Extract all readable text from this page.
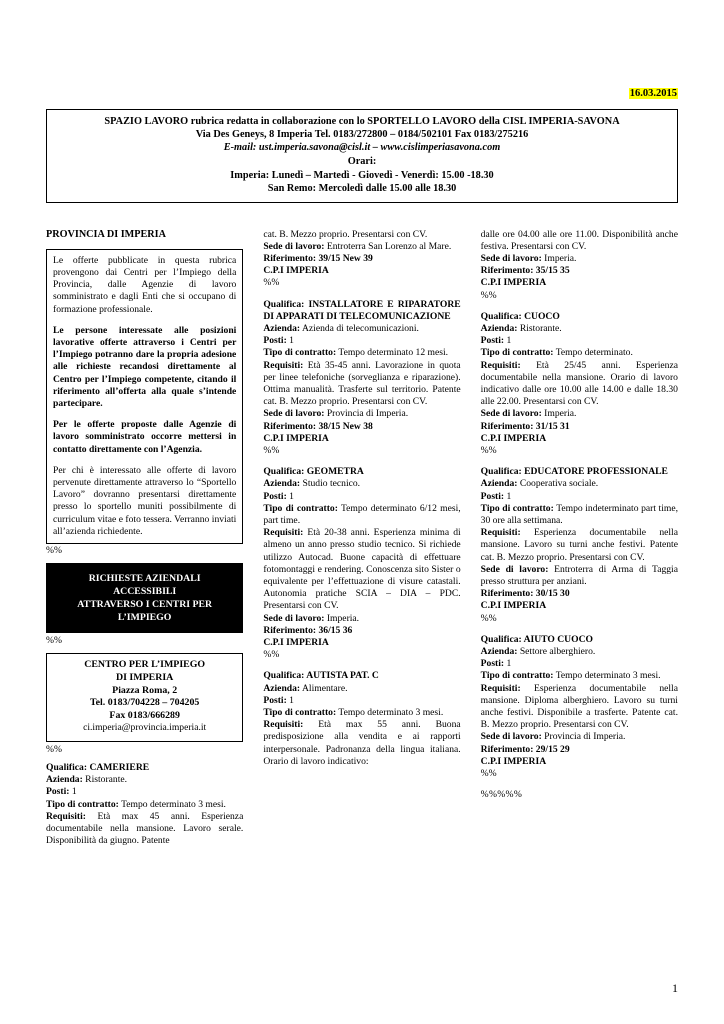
16.03.2015
SPAZIO LAVORO rubrica redatta in collaborazione con lo SPORTELLO LAVORO della CISL IMPERIA-SAVONA
Via Des Geneys, 8 Imperia Tel. 0183/272800 – 0184/502101 Fax 0183/275216
E-mail: ust.imperia.savona@cisl.it – www.cislimperiasavona.com
Orari:
Imperia: Lunedì – Martedì - Giovedì - Venerdì: 15.00 -18.30
San Remo: Mercoledì dalle 15.00 alle 18.30
PROVINCIA DI IMPERIA

Le offerte pubblicate in questa rubrica provengono dai Centri per l’Impiego della Provincia, dalle Agenzie di lavoro somministrato e dagli Enti che si occupano di formazione professionale.

Le persone interessate alle posizioni lavorative offerte attraverso i Centri per l’Impiego potranno dare la propria adesione alle richieste recandosi direttamente al Centro per l’Impiego competente, citando il riferimento all’offerta alla quale s’intende partecipare.

Per le offerte proposte dalle Agenzie di lavoro somministrato occorre mettersi in contatto direttamente con l’Agenzia.

Per chi è interessato alle offerte di lavoro pervenute direttamente attraverso lo “Sportello Lavoro” dovranno presentarsi direttamente presso lo sportello muniti possibilmente di curriculum vitae e foto tessera. Verranno inviati all’azienda richiedente.

%%
RICHIESTE AZIENDALI
ACCESSIBILI
ATTRAVERSO I CENTRI PER
L’IMPIEGO
%%
CENTRO PER L’IMPIEGO
DI IMPERIA
Piazza Roma, 2
Tel. 0183/704228 – 704205
Fax 0183/666289
ci.imperia@provincia.imperia.it
%%
Qualifica: CAMERIERE
Azienda: Ristorante.
Posti: 1
Tipo di contratto: Tempo determinato 3 mesi.
Requisiti: Età max 45 anni. Esperienza documentabile nella mansione. Lavoro serale. Disponibilità da giugno. Patente
cat. B. Mezzo proprio. Presentarsi con CV.
Sede di lavoro: Entroterra San Lorenzo al Mare.
Riferimento: 39/15 New 39
C.P.I IMPERIA
%%
Qualifica: INSTALLATORE E RIPARATORE DI APPARATI DI TELECOMUNICAZIONE
Azienda: Azienda di telecomunicazioni.
Posti: 1
Tipo di contratto: Tempo determinato 12 mesi.
Requisiti: Età 35-45 anni. Lavorazione in quota per linee telefoniche (sorveglianza e riparazione). Ottima manualità. Trasferte sul territorio. Patente cat. B. Mezzo proprio. Presentarsi con CV.
Sede di lavoro: Provincia di Imperia.
Riferimento: 38/15 New 38
C.P.I IMPERIA
%%
Qualifica: GEOMETRA
Azienda: Studio tecnico.
Posti: 1
Tipo di contratto: Tempo determinato 6/12 mesi, part time.
Requisiti: Età 20-38 anni. Esperienza minima di almeno un anno presso studio tecnico. Si richiede utilizzo Autocad. Buone capacità di effettuare fotomontaggi e rendering. Conoscenza sito Sister o equivalente per l’effettuazione di visure catastali. Autonomia pratiche SCIA – DIA – PDC. Presentarsi con CV.
Sede di lavoro: Imperia.
Riferimento: 36/15 36
C.P.I IMPERIA
%%
Qualifica: AUTISTA PAT. C
Azienda: Alimentare.
Posti: 1
Tipo di contratto: Tempo determinato 3 mesi.
Requisiti: Età max 55 anni. Buona predisposizione alla vendita e ai rapporti interpersonale. Padronanza della lingua italiana. Orario di lavoro indicativo:
dalle ore 04.00 alle ore 11.00. Disponibilità anche festiva. Presentarsi con CV.
Sede di lavoro: Imperia.
Riferimento: 35/15 35
C.P.I IMPERIA
%%
Qualifica: CUOCO
Azienda: Ristorante.
Posti: 1
Tipo di contratto: Tempo determinato.
Requisiti: Età 25/45 anni. Esperienza documentabile nella mansione. Orario di lavoro indicativo dalle ore 10.00 alle 14.00 e dalle 18.30 alle 22.00. Presentarsi con CV.
Sede di lavoro: Imperia.
Riferimento: 31/15 31
C.P.I IMPERIA
%%
Qualifica: EDUCATORE PROFESSIONALE
Azienda: Cooperativa sociale.
Posti: 1
Tipo di contratto: Tempo indeterminato part time, 30 ore alla settimana.
Requisiti: Esperienza documentabile nella mansione. Lavoro su turni anche festivi. Patente cat. B. Mezzo proprio. Presentarsi con CV.
Sede di lavoro: Entroterra di Arma di Taggia presso struttura per anziani.
Riferimento: 30/15 30
C.P.I IMPERIA
%%
Qualifica: AIUTO CUOCO
Azienda: Settore alberghiero.
Posti: 1
Tipo di contratto: Tempo determinato 3 mesi.
Requisiti: Esperienza documentabile nella mansione. Diploma alberghiero. Lavoro su turni anche festivi. Disponibile a trasferte. Patente cat. B. Mezzo proprio. Presentarsi con CV.
Sede di lavoro: Provincia di Imperia.
Riferimento: 29/15 29
C.P.I IMPERIA
%%
%%%%%
1
